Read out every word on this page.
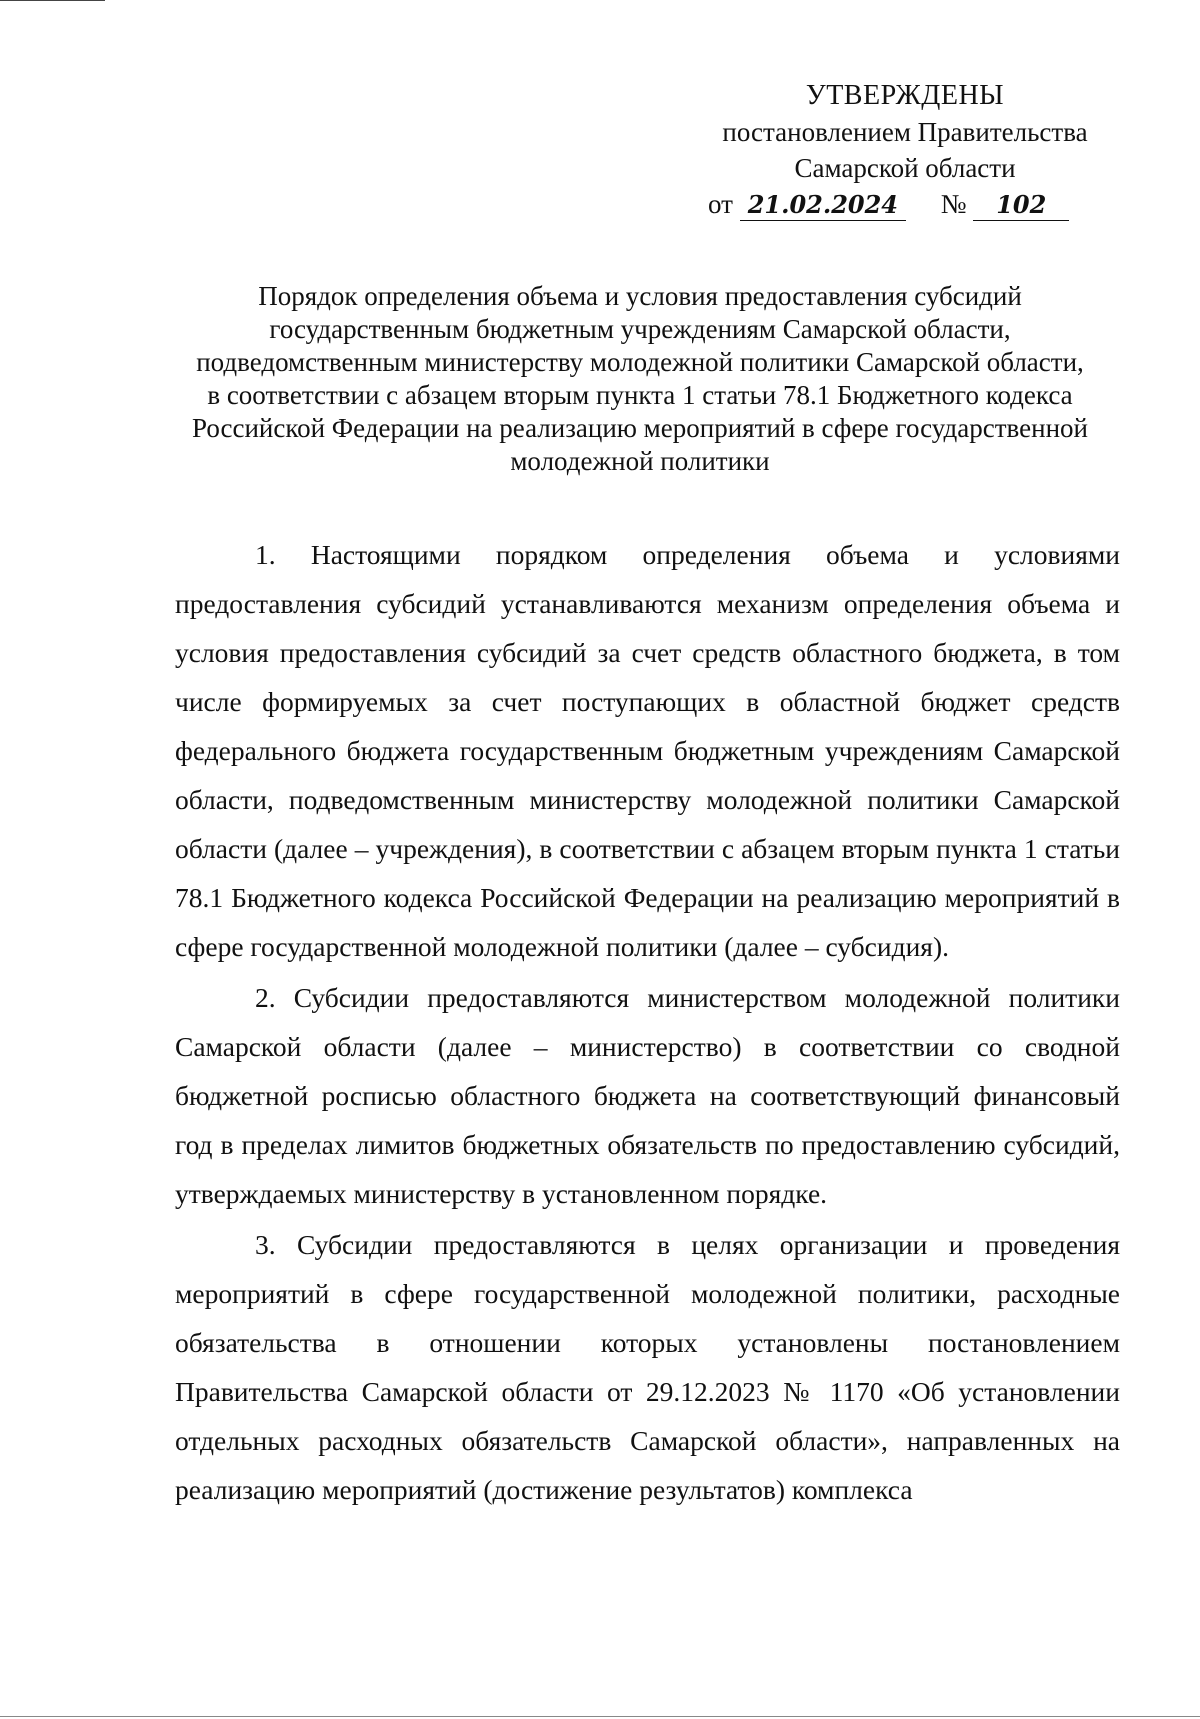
УТВЕРЖДЕНЫ
постановлением Правительства
Самарской области
от 21.02.2024 № 102
Порядок определения объема и условия предоставления субсидий
государственным бюджетным учреждениям Самарской области,
подведомственным министерству молодежной политики Самарской области,
в соответствии с абзацем вторым пункта 1 статьи 78.1 Бюджетного кодекса
Российской Федерации на реализацию мероприятий в сфере государственной
молодежной политики

1. Настоящими порядком определения объема и условиями предоставления субсидий устанавливаются механизм определения объема и условия предоставления субсидий за счет средств областного бюджета, в том числе формируемых за счет поступающих в областной бюджет средств федерального бюджета государственным бюджетным учреждениям Самарской области, подведомственным министерству молодежной политики Самарской области (далее – учреждения), в соответствии с абзацем вторым пункта 1 статьи 78.1 Бюджетного кодекса Российской Федерации на реализацию мероприятий в сфере государственной молодежной политики (далее – субсидия).

2. Субсидии предоставляются министерством молодежной политики Самарской области (далее – министерство) в соответствии со сводной бюджетной росписью областного бюджета на соответствующий финансовый год в пределах лимитов бюджетных обязательств по предоставлению субсидий, утверждаемых министерству в установленном порядке.

3. Субсидии предоставляются в целях организации и проведения мероприятий в сфере государственной молодежной политики, расходные обязательства в отношении которых установлены постановлением Правительства Самарской области от 29.12.2023 № 1170 «Об установлении отдельных расходных обязательств Самарской области», направленных на реализацию мероприятий (достижение результатов) комплекса
